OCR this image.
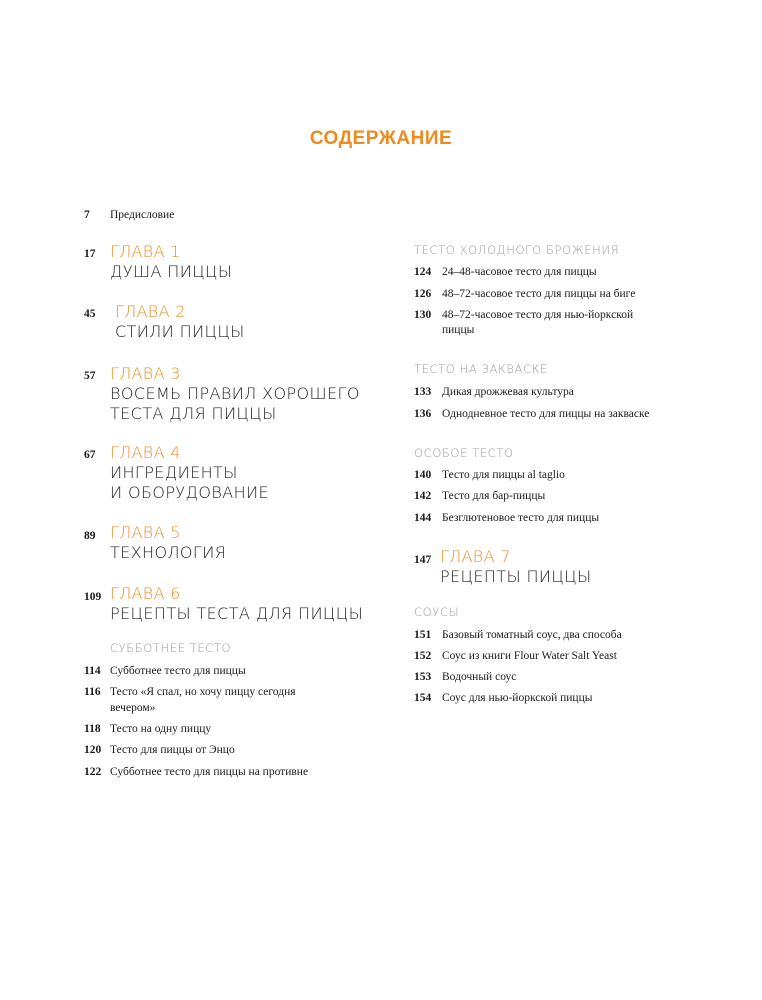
СОДЕРЖАНИЕ
7 Предисловие
17 ГЛАВА 1
ДУША ПИЦЦЫ
45	ГЛАВА 2
СТИЛИ ПИЦЦЫ
57 ГЛАВА 3
ВОСЕМЬ ПРАВИЛ ХОРОШЕГО
ТЕСТА ДЛЯ ПИЦЦЫ
67 ГЛАВА 4
ИНГРЕДИЕНТЫ
И ОБОРУДОВАНИЕ
89 ГЛАВА 5
ТЕХНОЛОГИЯ
109 ГЛАВА 6
РЕЦЕПТЫ ТЕСТА ДЛЯ ПИЦЦЫ
147 ГЛАВА 7
РЕЦЕПТЫ ПИЦЦЫ
СУББОТНЕЕ ТЕСТО
114 Субботнее тесто для пиццы
116 Тесто «Я спал, но хочу пиццу сегодня
вечером»
118 Тесто на одну пиццу
120 Тесто для пиццы от Энцо
122 Субботнее тесто для пиццы на противне
ТЕСТО ХОЛОДНОГО БРОЖЕНИЯ
124 24–48-часовое тесто для пиццы
126 48–72-часовое тесто для пиццы на биге
130 48–72-часовое тесто для нью-йоркской
пиццы
ТЕСТО НА ЗАКВАСКЕ
133 Дикая дрожжевая культура
136 Однодневное тесто для пиццы на закваске
ОСОБОЕ ТЕСТО
140 Тесто для пиццы al taglio
142 Тесто для бар-пиццы
144 Безглютеновое тесто для пиццы
СОУСЫ
151 Базовый томатный соус, два способа
152 Соус из книги Flour Water Salt Yeast
153 Водочный соус
154 Соус для нью-йоркской пиццы
